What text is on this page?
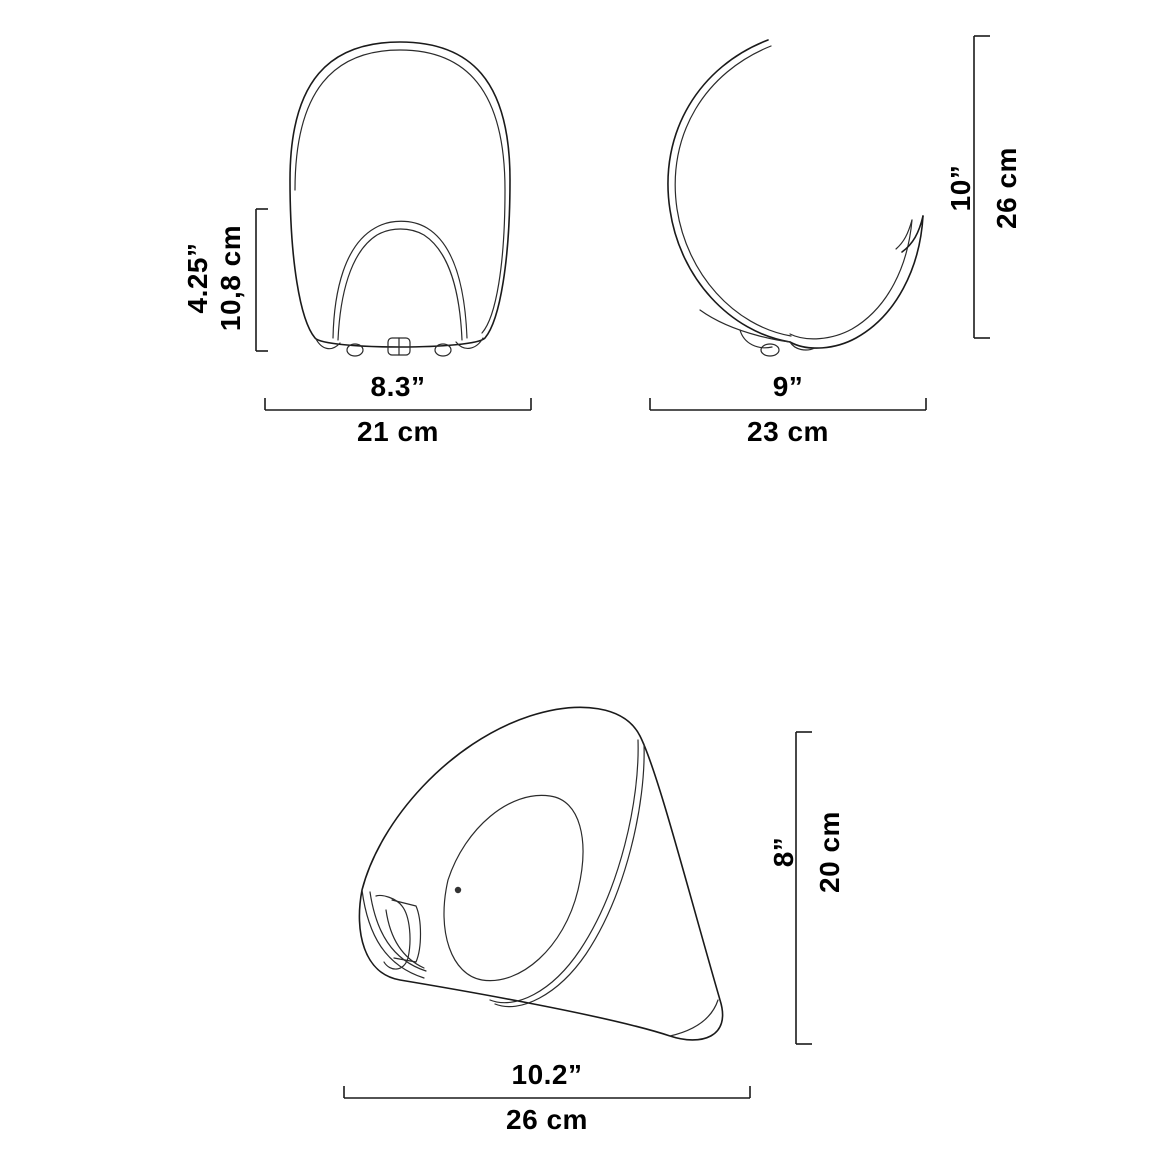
4.25” 10,8 cm
8.3”
21 cm
10” 26 cm
9”
23 cm
8” 20 cm
10.2”
26 cm
